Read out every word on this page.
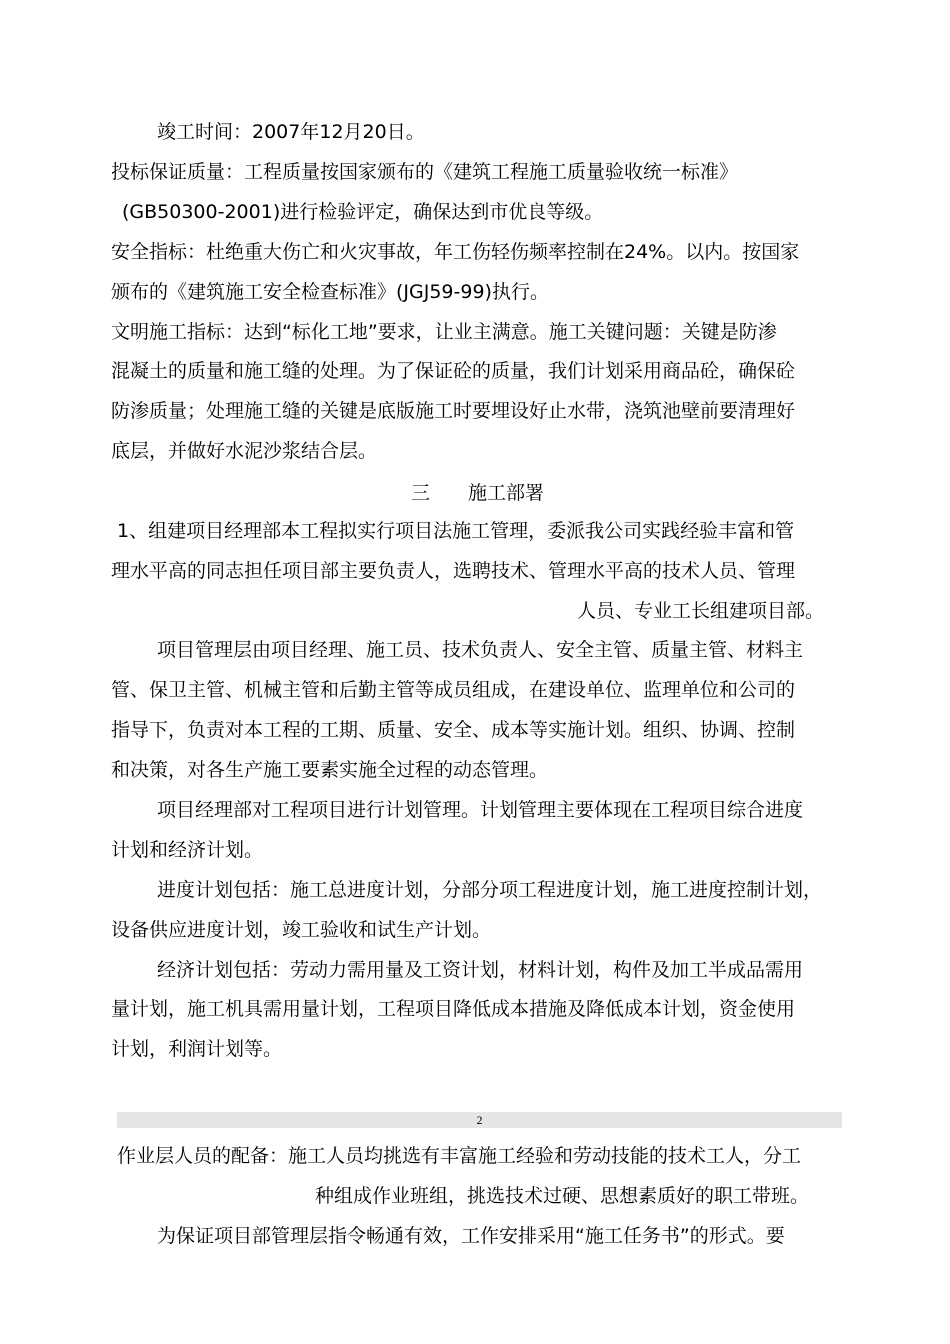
竣工时间：2007年12月20日。
投标保证质量：工程质量按国家颁布的《建筑工程施工质量验收统一标准》
(GB50300-2001)进行检验评定，确保达到市优良等级。
安全指标：杜绝重大伤亡和火灾事故，年工伤轻伤频率控制在24%。以内。按国家
颁布的《建筑施工安全检查标准》(JGJ59-99)执行。
文明施工指标：达到“标化工地”要求，让业主满意。施工关键问题：关键是防渗
混凝土的质量和施工缝的处理。为了保证砼的质量，我们计划采用商品砼，确保砼
防渗质量；处理施工缝的关键是底版施工时要埋设好止水带，浇筑池壁前要清理好
底层，并做好水泥沙浆结合层。
三　　施工部署
1、组建项目经理部本工程拟实行项目法施工管理，委派我公司实践经验丰富和管
理水平高的同志担任项目部主要负责人，选聘技术、管理水平高的技术人员、管理
人员、专业工长组建项目部。
项目管理层由项目经理、施工员、技术负责人、安全主管、质量主管、材料主
管、保卫主管、机械主管和后勤主管等成员组成，在建设单位、监理单位和公司的
指导下，负责对本工程的工期、质量、安全、成本等实施计划。组织、协调、控制
和决策，对各生产施工要素实施全过程的动态管理。
项目经理部对工程项目进行计划管理。计划管理主要体现在工程项目综合进度
计划和经济计划。
进度计划包括：施工总进度计划，分部分项工程进度计划，施工进度控制计划，
设备供应进度计划，竣工验收和试生产计划。
经济计划包括：劳动力需用量及工资计划，材料计划，构件及加工半成品需用
量计划，施工机具需用量计划，工程项目降低成本措施及降低成本计划，资金使用
计划，利润计划等。
2
作业层人员的配备：施工人员均挑选有丰富施工经验和劳动技能的技术工人，分工
种组成作业班组，挑选技术过硬、思想素质好的职工带班。
为保证项目部管理层指令畅通有效，工作安排采用“施工任务书”的形式。要
